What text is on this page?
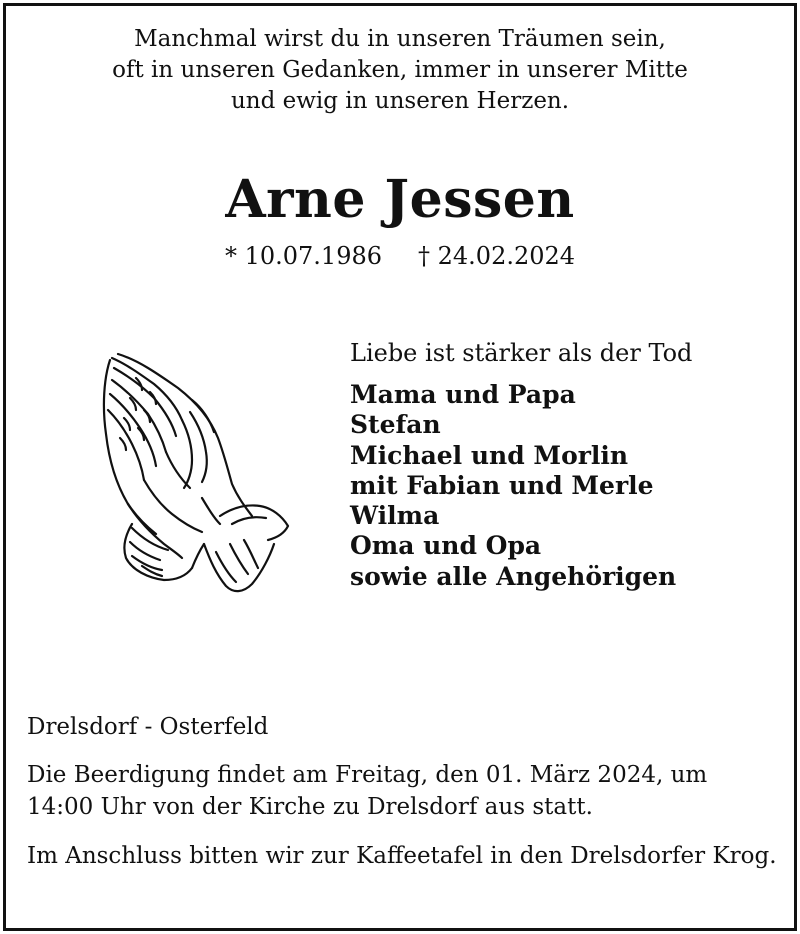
Manchmal wirst du in unseren Träumen sein,
oft in unseren Gedanken, immer in unserer Mitte
und ewig in unseren Herzen.
Arne Jessen
* 10.07.1986 † 24.02.2024
Liebe ist stärker als der Tod
Mama und Papa
Stefan
Michael und Morlin
mit Fabian und Merle
Wilma
Oma und Opa
sowie alle Angehörigen
Drelsdorf - Osterfeld
Die Beerdigung findet am Freitag, den 01. März 2024, um 14:00 Uhr von der Kirche zu Drelsdorf aus statt.
Im Anschluss bitten wir zur Kaffeetafel in den Drelsdorfer Krog.
